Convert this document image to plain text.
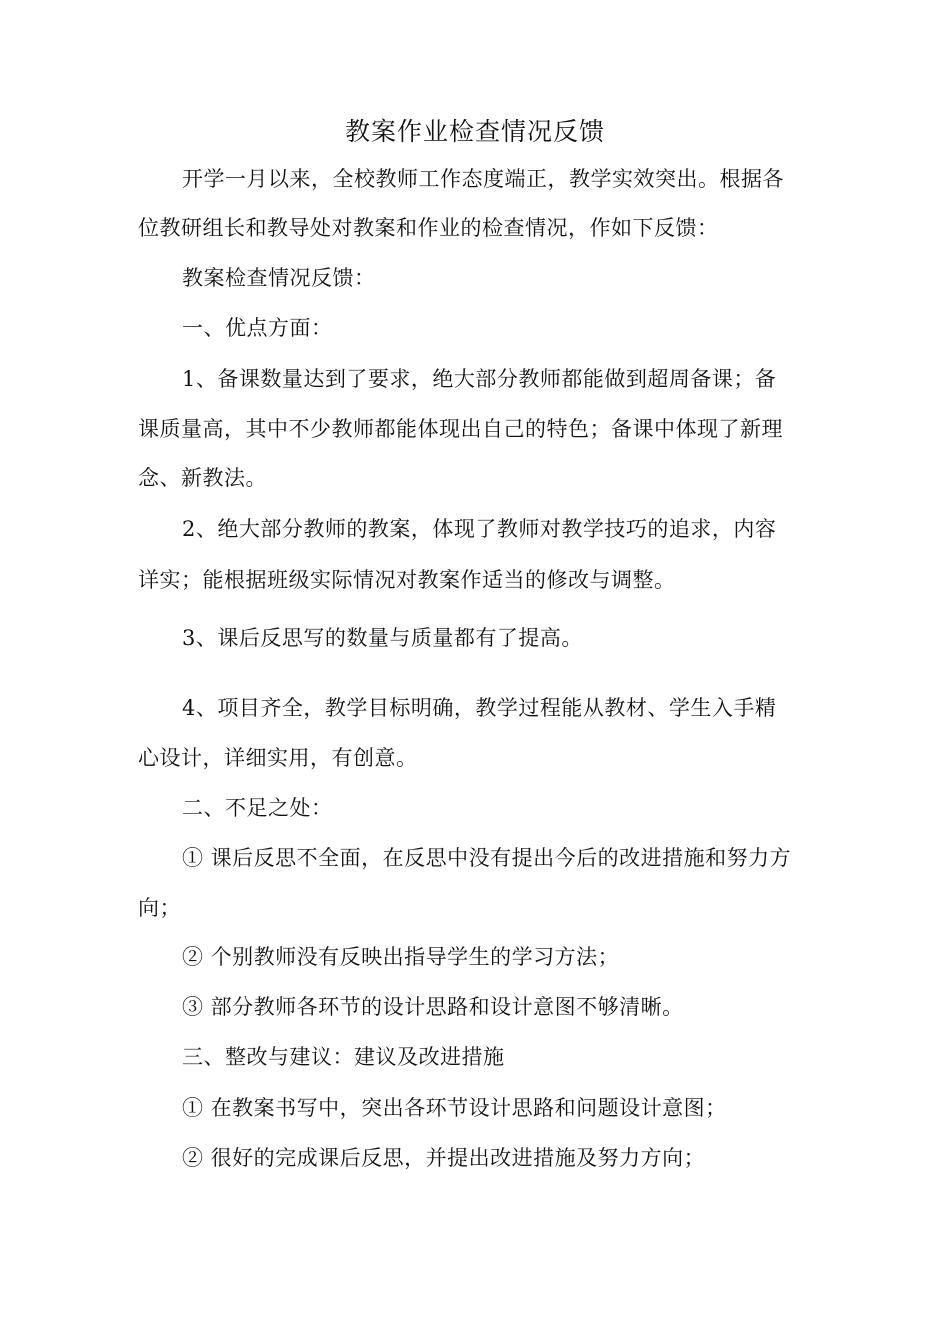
教案作业检查情况反馈

开学一月以来，全校教师工作态度端正，教学实效突出。根据各

位教研组长和教导处对教案和作业的检查情况，作如下反馈：

教案检查情况反馈：

一、优点方面：

1、备课数量达到了要求，绝大部分教师都能做到超周备课；备

课质量高，其中不少教师都能体现出自己的特色；备课中体现了新理

念、新教法。

2、绝大部分教师的教案，体现了教师对教学技巧的追求，内容

详实；能根据班级实际情况对教案作适当的修改与调整。

3、课后反思写的数量与质量都有了提高。

4、项目齐全，教学目标明确，教学过程能从教材、学生入手精

心设计，详细实用，有创意。

二、不足之处：

① 课后反思不全面，在反思中没有提出今后的改进措施和努力方

向；

② 个别教师没有反映出指导学生的学习方法；

③ 部分教师各环节的设计思路和设计意图不够清晰。

三、整改与建议：建议及改进措施

① 在教案书写中，突出各环节设计思路和问题设计意图；

② 很好的完成课后反思，并提出改进措施及努力方向；
